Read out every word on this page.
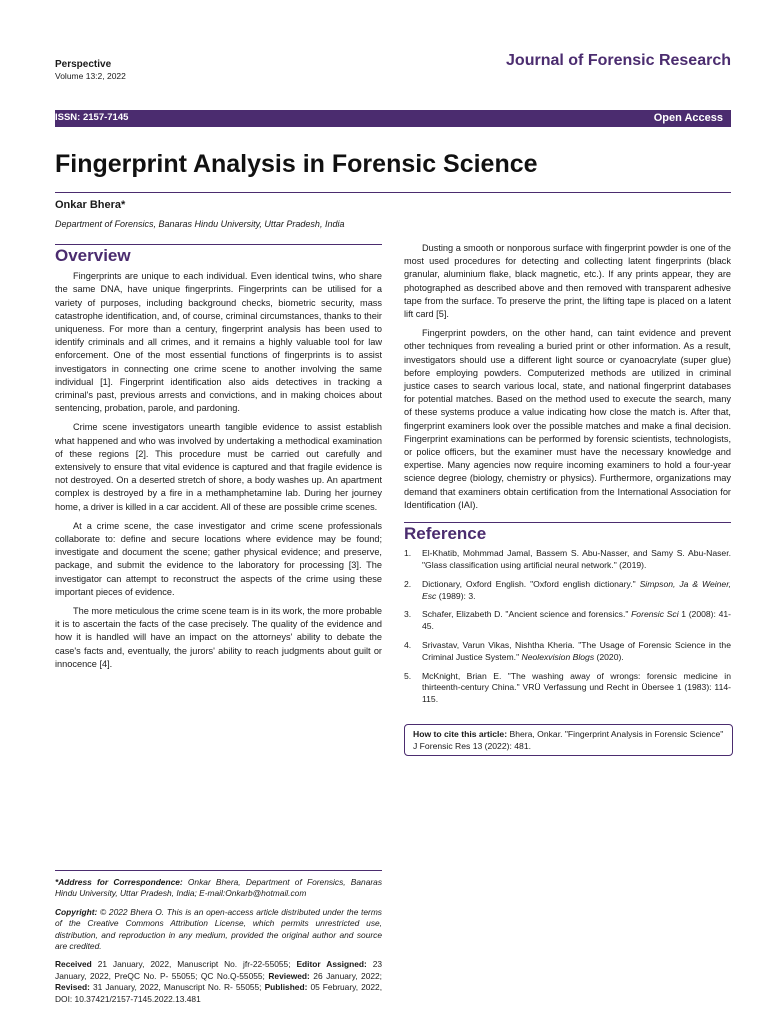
Perspective
Volume 13:2, 2022
Journal of Forensic Research
ISSN: 2157-7145	Open Access
Fingerprint Analysis in Forensic Science
Onkar Bhera*
Department of Forensics, Banaras Hindu University, Uttar Pradesh, India
Overview

Fingerprints are unique to each individual. Even identical twins, who share the same DNA, have unique fingerprints. Fingerprints can be utilised for a variety of purposes, including background checks, biometric security, mass catastrophe identification, and, of course, criminal circumstances, thanks to their uniqueness. For more than a century, fingerprint analysis has been used to identify criminals and all crimes, and it remains a highly valuable tool for law enforcement. One of the most essential functions of fingerprints is to assist investigators in connecting one crime scene to another involving the same individual [1]. Fingerprint identification also aids detectives in tracking a criminal's past, previous arrests and convictions, and in making choices about sentencing, probation, parole, and pardoning.

Crime scene investigators unearth tangible evidence to assist establish what happened and who was involved by undertaking a methodical examination of these regions [2]. This procedure must be carried out carefully and extensively to ensure that vital evidence is captured and that fragile evidence is not destroyed. On a deserted stretch of shore, a body washes up. An apartment complex is destroyed by a fire in a methamphetamine lab. During her journey home, a driver is killed in a car accident. All of these are possible crime scenes.

At a crime scene, the case investigator and crime scene professionals collaborate to: define and secure locations where evidence may be found; investigate and document the scene; gather physical evidence; and preserve, package, and submit the evidence to the laboratory for processing [3]. The investigator can attempt to reconstruct the aspects of the crime using these important pieces of evidence.

The more meticulous the crime scene team is in its work, the more probable it is to ascertain the facts of the case precisely. The quality of the evidence and how it is handled will have an impact on the attorneys' ability to debate the case's facts and, eventually, the jurors' ability to reach judgments about guilt or innocence [4].

Dusting a smooth or nonporous surface with fingerprint powder is one of the most used procedures for detecting and collecting latent fingerprints (black granular, aluminium flake, black magnetic, etc.). If any prints appear, they are photographed as described above and then removed with transparent adhesive tape from the surface. To preserve the print, the lifting tape is placed on a latent lift card [5].

Fingerprint powders, on the other hand, can taint evidence and prevent other techniques from revealing a buried print or other information. As a result, investigators should use a different light source or cyanoacrylate (super glue) before employing powders. Computerized methods are utilized in criminal justice cases to search various local, state, and national fingerprint databases for potential matches. Based on the method used to execute the search, many of these systems produce a value indicating how close the match is. After that, fingerprint examiners look over the possible matches and make a final decision. Fingerprint examinations can be performed by forensic scientists, technologists, or police officers, but the examiner must have the necessary knowledge and expertise. Many agencies now require incoming examiners to hold a four-year science degree (biology, chemistry or physics). Furthermore, organizations may demand that examiners obtain certification from the International Association for Identification (IAI).

Reference
1.	El-Khatib, Mohmmad Jamal, Bassem S. Abu-Nasser, and Samy S. Abu-Naser. "Glass classification using artificial neural network." (2019).
2.	Dictionary, Oxford English. "Oxford english dictionary." Simpson, Ja & Weiner, Esc (1989): 3.
3.	Schafer, Elizabeth D. "Ancient science and forensics." Forensic Sci 1 (2008): 41-45.
4.	Srivastav, Varun Vikas, Nishtha Kheria. "The Usage of Forensic Science in the Criminal Justice System." Neolexvision Blogs (2020).
5.	McKnight, Brian E. "The washing away of wrongs: forensic medicine in thirteenth-century China." VRÜ Verfassung und Recht in Übersee 1 (1983): 114-115.
How to cite this article: Bhera, Onkar. "Fingerprint Analysis in Forensic Science" J Forensic Res 13 (2022): 481.

*Address for Correspondence: Onkar Bhera, Department of Forensics, Banaras Hindu University, Uttar Pradesh, India; E-mail:Onkarb@hotmail.com

Copyright: © 2022 Bhera O. This is an open-access article distributed under the terms of the Creative Commons Attribution License, which permits unrestricted use, distribution, and reproduction in any medium, provided the original author and source are credited.

Received 21 January, 2022, Manuscript No. jfr-22-55055; Editor Assigned: 23 January, 2022, PreQC No. P- 55055; QC No.Q-55055; Reviewed: 26 January, 2022; Revised: 31 January, 2022, Manuscript No. R- 55055; Published: 05 February, 2022, DOI: 10.37421/2157-7145.2022.13.481
